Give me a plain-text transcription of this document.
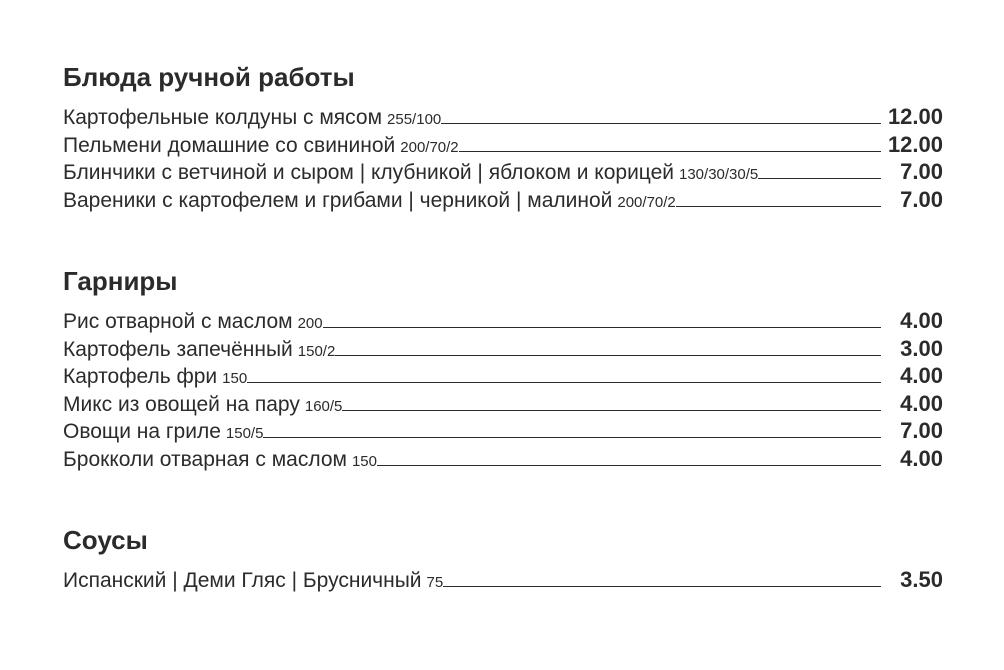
Блюда ручной работы
Картофельные колдуны с мясом 255/100	12.00
Пельмени домашние со свининой 200/70/2	12.00
Блинчики с ветчиной и сыром | клубникой | яблоком и корицей 130/30/30/5	7.00
Вареники с картофелем и грибами | черникой | малиной 200/70/2	7.00
Гарниры
Рис отварной с маслом 200	4.00
Картофель запечённый 150/2	3.00
Картофель фри 150	4.00
Микс из овощей на пару 160/5	4.00
Овощи на гриле 150/5	7.00
Брокколи отварная с маслом 150	4.00
Соусы
Испанский | Деми Гляс | Брусничный 75	3.50
